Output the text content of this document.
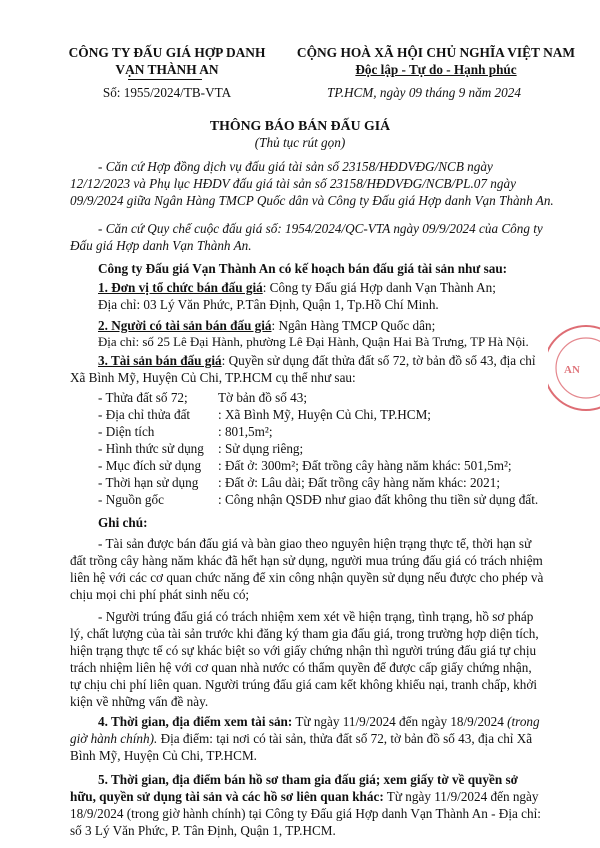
CÔNG TY ĐẤU GIÁ HỢP DANH
VẠN THÀNH AN
Số: 1955/2024/TB-VTA
CỘNG HOÀ XÃ HỘI CHỦ NGHĨA VIỆT NAM
Độc lập - Tự do - Hạnh phúc
TP.HCM, ngày 09 tháng 9 năm 2024
THÔNG BÁO BÁN ĐẤU GIÁ
(Thủ tục rút gọn)
- Căn cứ Hợp đồng dịch vụ đấu giá tài sản số 23158/HĐDVĐG/NCB ngày
12/12/2023 và Phụ lục HĐDV đấu giá tài sản số 23158/HĐDVĐG/NCB/PL.07 ngày
09/9/2024 giữa Ngân Hàng TMCP Quốc dân và Công ty Đấu giá Hợp danh Vạn Thành An.
- Căn cứ Quy chế cuộc đấu giá số: 1954/2024/QC-VTA ngày 09/9/2024 của Công ty
Đấu giá Hợp danh Vạn Thành An.
Công ty Đấu giá Vạn Thành An có kế hoạch bán đấu giá tài sản như sau:
1. Đơn vị tổ chức bán đấu giá: Công ty Đấu giá Hợp danh Vạn Thành An;
Địa chỉ: 03 Lý Văn Phức, P.Tân Định, Quận 1, Tp.Hồ Chí Minh.
2. Người có tài sản bán đấu giá: Ngân Hàng TMCP Quốc dân;
Địa chỉ: số 25 Lê Đại Hành, phường Lê Đại Hành, Quận Hai Bà Trưng, TP Hà Nội.
3. Tài sản bán đấu giá: Quyền sử dụng đất thửa đất số 72, tờ bản đồ số 43, địa chỉ
Xã Bình Mỹ, Huyện Củ Chi, TP.HCM cụ thể như sau:
- Thửa đất số 72; Tờ bản đồ số 43;
- Địa chỉ thửa đất : Xã Bình Mỹ, Huyện Củ Chi, TP.HCM;
- Diện tích	: 801,5m²;
- Hình thức sử dụng : Sử dụng riêng;
- Mục đích sử dụng : Đất ở: 300m²; Đất trồng cây hàng năm khác: 501,5m²;
- Thời hạn sử dụng : Đất ở: Lâu dài; Đất trồng cây hàng năm khác: 2021;
- Nguồn gốc	: Công nhận QSDĐ như giao đất không thu tiền sử dụng đất.
Ghi chú:
- Tài sản được bán đấu giá và bàn giao theo nguyên hiện trạng thực tế, thời hạn sử
đất trồng cây hàng năm khác đã hết hạn sử dụng, người mua trúng đấu giá có trách nhiệm
liên hệ với các cơ quan chức năng để xin công nhận quyền sử dụng nếu được cho phép và
chịu mọi chi phí phát sinh nếu có;
- Người trúng đấu giá có trách nhiệm xem xét về hiện trạng, tình trạng, hồ sơ pháp
lý, chất lượng của tài sản trước khi đăng ký tham gia đấu giá, trong trường hợp diện tích,
hiện trạng thực tế có sự khác biệt so với giấy chứng nhận thì người trúng đấu giá tự chịu
trách nhiệm liên hệ với cơ quan nhà nước có thẩm quyền để được cấp giấy chứng nhận,
tự chịu chi phí liên quan. Người trúng đấu giá cam kết không khiếu nại, tranh chấp, khởi
kiện về những vấn đề này.
4. Thời gian, địa điểm xem tài sản: Từ ngày 11/9/2024 đến ngày 18/9/2024 (trong
giờ hành chính). Địa điểm: tại nơi có tài sản, thửa đất số 72, tờ bản đồ số 43, địa chỉ Xã
Bình Mỹ, Huyện Củ Chi, TP.HCM.
5. Thời gian, địa điểm bán hồ sơ tham gia đấu giá; xem giấy tờ về quyền sở
hữu, quyền sử dụng tài sản và các hồ sơ liên quan khác: Từ ngày 11/9/2024 đến ngày
18/9/2024 (trong giờ hành chính) tại Công ty Đấu giá Hợp danh Vạn Thành An - Địa chỉ:
số 3 Lý Văn Phức, P. Tân Định, Quận 1, TP.HCM.
AN
